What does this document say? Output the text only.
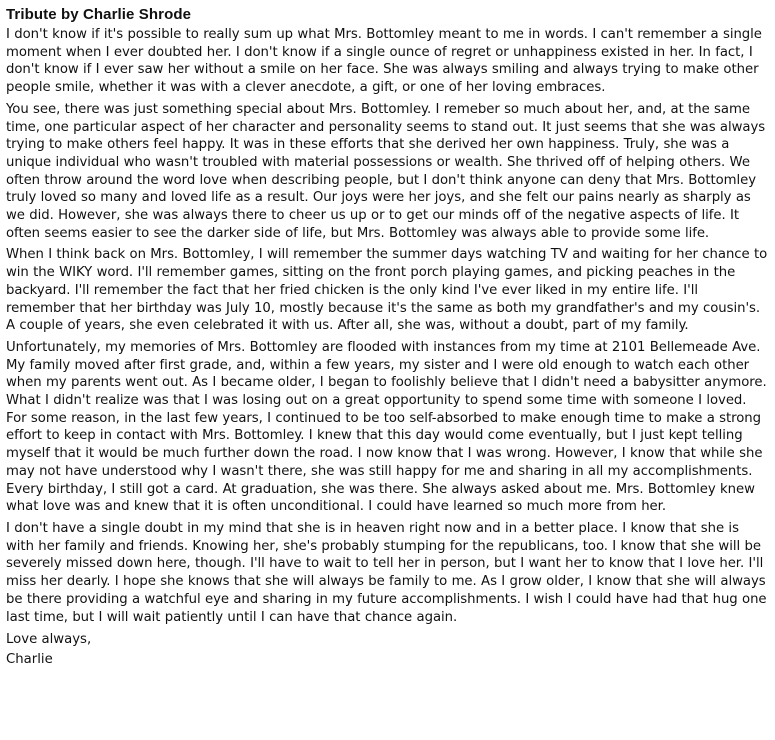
Tribute by Charlie Shrode

I don't know if it's possible to really sum up what Mrs. Bottomley meant to me in words. I can't remember a single moment when I ever doubted her. I don't know if a single ounce of regret or unhappiness existed in her. In fact, I don't know if I ever saw her without a smile on her face. She was always smiling and always trying to make other people smile, whether it was with a clever anecdote, a gift, or one of her loving embraces.

You see, there was just something special about Mrs. Bottomley. I remeber so much about her, and, at the same time, one particular aspect of her character and personality seems to stand out. It just seems that she was always trying to make others feel happy. It was in these efforts that she derived her own happiness. Truly, she was a unique individual who wasn't troubled with material possessions or wealth. She thrived off of helping others. We often throw around the word love when describing people, but I don't think anyone can deny that Mrs. Bottomley truly loved so many and loved life as a result. Our joys were her joys, and she felt our pains nearly as sharply as we did. However, she was always there to cheer us up or to get our minds off of the negative aspects of life. It often seems easier to see the darker side of life, but Mrs. Bottomley was always able to provide some life.

When I think back on Mrs. Bottomley, I will remember the summer days watching TV and waiting for her chance to win the WIKY word. I'll remember games, sitting on the front porch playing games, and picking peaches in the backyard. I'll remember the fact that her fried chicken is the only kind I've ever liked in my entire life. I'll remember that her birthday was July 10, mostly because it's the same as both my grandfather's and my cousin's. A couple of years, she even celebrated it with us. After all, she was, without a doubt, part of my family.

Unfortunately, my memories of Mrs. Bottomley are flooded with instances from my time at 2101 Bellemeade Ave. My family moved after first grade, and, within a few years, my sister and I were old enough to watch each other when my parents went out. As I became older, I began to foolishly believe that I didn't need a babysitter anymore. What I didn't realize was that I was losing out on a great opportunity to spend some time with someone I loved. For some reason, in the last few years, I continued to be too self-absorbed to make enough time to make a strong effort to keep in contact with Mrs. Bottomley. I knew that this day would come eventually, but I just kept telling myself that it would be much further down the road. I now know that I was wrong. However, I know that while she may not have understood why I wasn't there, she was still happy for me and sharing in all my accomplishments. Every birthday, I still got a card. At graduation, she was there. She always asked about me. Mrs. Bottomley knew what love was and knew that it is often unconditional. I could have learned so much more from her.

I don't have a single doubt in my mind that she is in heaven right now and in a better place. I know that she is with her family and friends. Knowing her, she's probably stumping for the republicans, too. I know that she will be severely missed down here, though. I'll have to wait to tell her in person, but I want her to know that I love her. I'll miss her dearly. I hope she knows that she will always be family to me. As I grow older, I know that she will always be there providing a watchful eye and sharing in my future accomplishments. I wish I could have had that hug one last time, but I will wait patiently until I can have that chance again.

Love always,
Charlie
